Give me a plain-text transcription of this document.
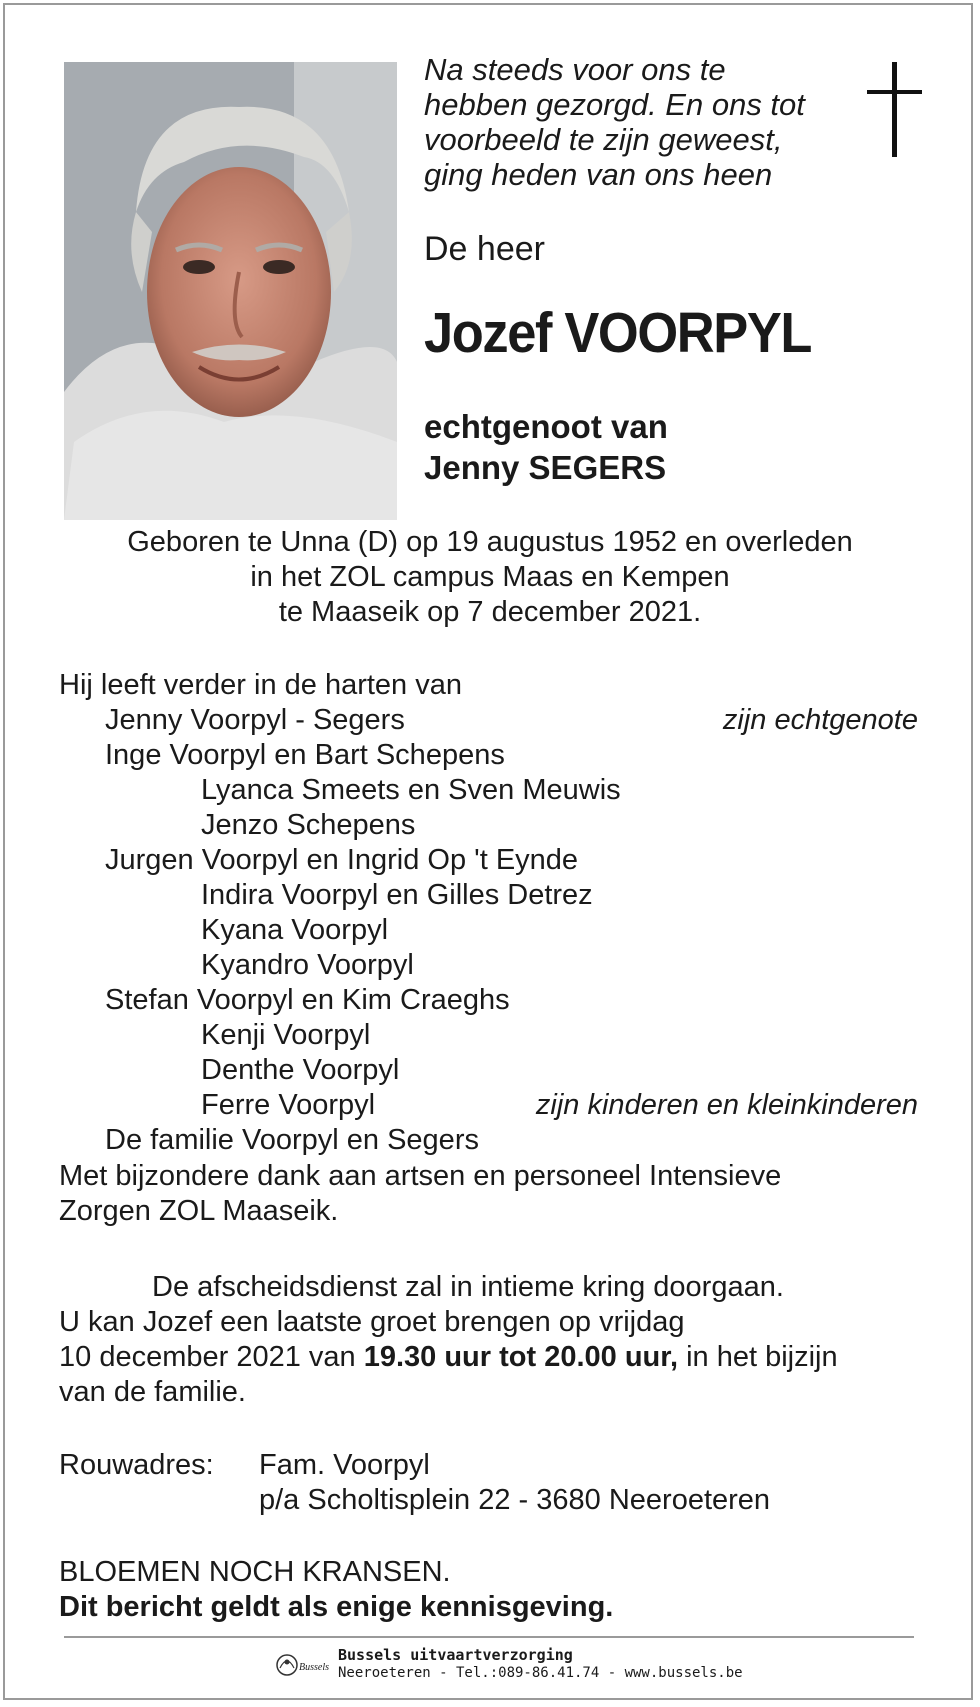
Na steeds voor ons te
hebben gezorgd. En ons tot
voorbeeld te zijn geweest,
ging heden van ons heen
De heer
Jozef VOORPYL
echtgenoot van
Jenny SEGERS
Geboren te Unna (D) op 19 augustus 1952 en overleden
in het ZOL campus Maas en Kempen
te Maaseik op 7 december 2021.
Hij leeft verder in de harten van
Jenny Voorpyl - Segers	zijn echtgenote
Inge Voorpyl en Bart Schepens
Lyanca Smeets en Sven Meuwis
Jenzo Schepens
Jurgen Voorpyl en Ingrid Op 't Eynde
Indira Voorpyl en Gilles Detrez
Kyana Voorpyl
Kyandro Voorpyl
Stefan Voorpyl en Kim Craeghs
Kenji Voorpyl
Denthe Voorpyl
Ferre Voorpyl	zijn kinderen en kleinkinderen
De familie Voorpyl en Segers
Met bijzondere dank aan artsen en personeel Intensieve
Zorgen ZOL Maaseik.
De afscheidsdienst zal in intieme kring doorgaan.
U kan Jozef een laatste groet brengen op vrijdag
10 december 2021 van 19.30 uur tot 20.00 uur, in het bijzijn
van de familie.
Rouwadres: Fam. Voorpyl
p/a Scholtisplein 22 - 3680 Neeroeteren
BLOEMEN NOCH KRANSEN.
Dit bericht geldt als enige kennisgeving.
Bussels
Bussels uitvaartverzorging
Neeroeteren - Tel.:089-86.41.74 - www.bussels.be
